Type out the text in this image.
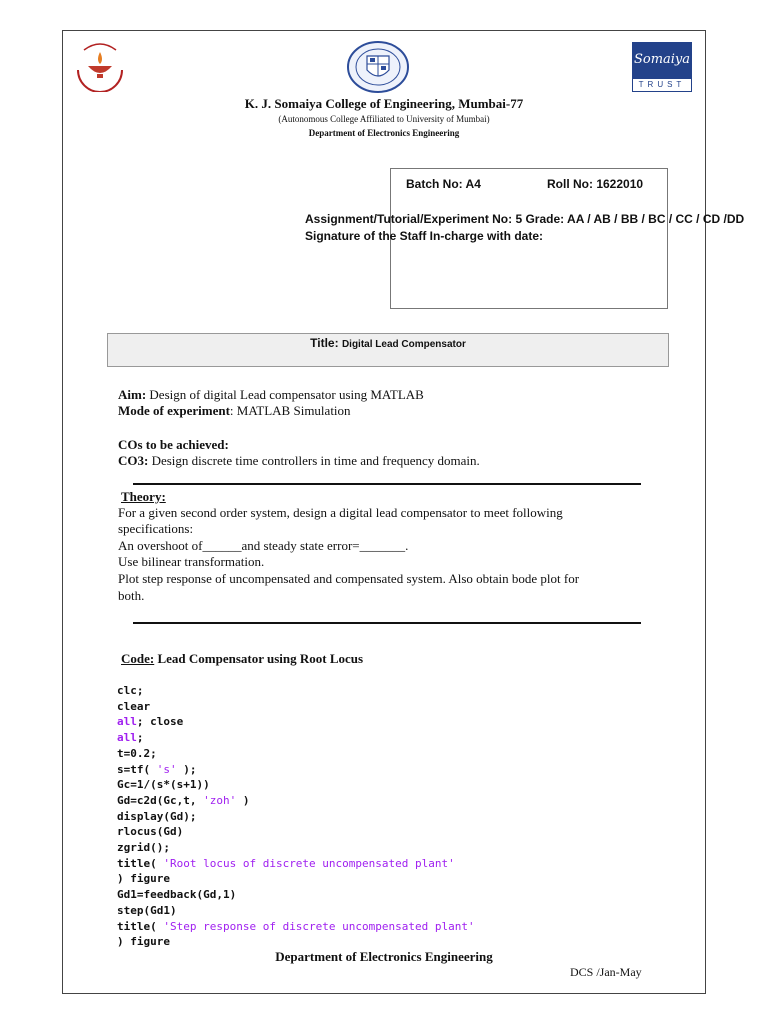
Somaiya
TRUST
K. J. Somaiya College of Engineering, Mumbai-77
(Autonomous College Affiliated to University of Mumbai)
Department of Electronics Engineering
Batch No: A4	Roll No: 1622010
Assignment/Tutorial/Experiment No: 5 Grade: AA / AB / BB / BC / CC / CD /DD
Signature of the Staff In-charge with date:
Title: Digital Lead Compensator
Aim: Design of digital Lead compensator using MATLAB
Mode of experiment: MATLAB Simulation
COs to be achieved:
CO3: Design discrete time controllers in time and frequency domain.
Theory:
For a given second order system, design a digital lead compensator to meet following
specifications:
An overshoot of______and steady state error=_______.
Use bilinear transformation.
Plot step response of uncompensated and compensated system. Also obtain bode plot for
both.
Code: Lead Compensator using Root Locus
clc;
clear
all; close
all;
t=0.2;
s=tf( 's' );
Gc=1/(s*(s+1))
Gd=c2d(Gc,t, 'zoh' )
display(Gd);
rlocus(Gd)
zgrid();
title( 'Root locus of discrete uncompensated plant'
) figure
Gd1=feedback(Gd,1)
step(Gd1)
title( 'Step response of discrete uncompensated plant'
) figure
Department of Electronics Engineering
DCS /Jan-May
